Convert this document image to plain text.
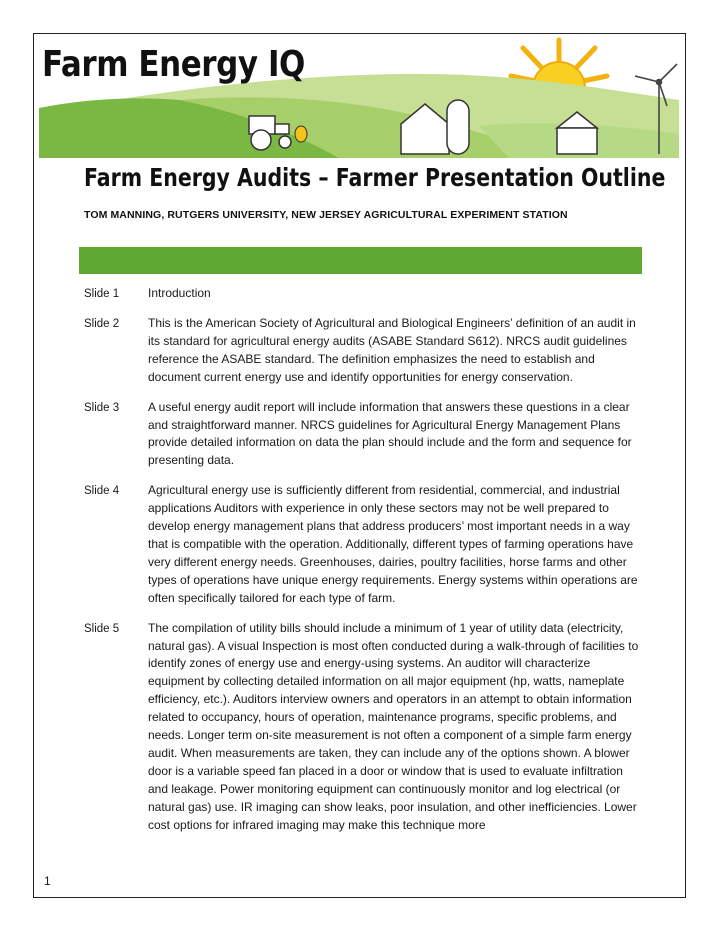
Farm Energy IQ
Farm Energy Audits – Farmer Presentation Outline
TOM MANNING, RUTGERS UNIVERSITY, NEW JERSEY AGRICULTURAL EXPERIMENT STATION
Slide 1	Introduction
Slide 2	This is the American Society of Agricultural and Biological Engineers’ definition of an audit in its standard for agricultural energy audits (ASABE Standard S612). NRCS audit guidelines reference the ASABE standard. The definition emphasizes the need to establish and document current energy use and identify opportunities for energy conservation.
Slide 3	A useful energy audit report will include information that answers these questions in a clear and straightforward manner. NRCS guidelines for Agricultural Energy Management Plans provide detailed information on data the plan should include and the form and sequence for presenting data.
Slide 4	Agricultural energy use is sufficiently different from residential, commercial, and industrial applications Auditors with experience in only these sectors may not be well prepared to develop energy management plans that address producers’ most important needs in a way that is compatible with the operation. Additionally, different types of farming operations have very different energy needs. Greenhouses, dairies, poultry facilities, horse farms and other types of operations have unique energy requirements. Energy systems within operations are often specifically tailored for each type of farm.
Slide 5	The compilation of utility bills should include a minimum of 1 year of utility data (electricity, natural gas). A visual Inspection is most often conducted during a walk-through of facilities to identify zones of energy use and energy-using systems. An auditor will characterize equipment by collecting detailed information on all major equipment (hp, watts, nameplate efficiency, etc.). Auditors interview owners and operators in an attempt to obtain information related to occupancy, hours of operation, maintenance programs, specific problems, and needs. Longer term on-site measurement is not often a component of a simple farm energy audit. When measurements are taken, they can include any of the options shown. A blower door is a variable speed fan placed in a door or window that is used to evaluate infiltration and leakage. Power monitoring equipment can continuously monitor and log electrical (or natural gas) use. IR imaging can show leaks, poor insulation, and other inefficiencies. Lower cost options for infrared imaging may make this technique more
1
